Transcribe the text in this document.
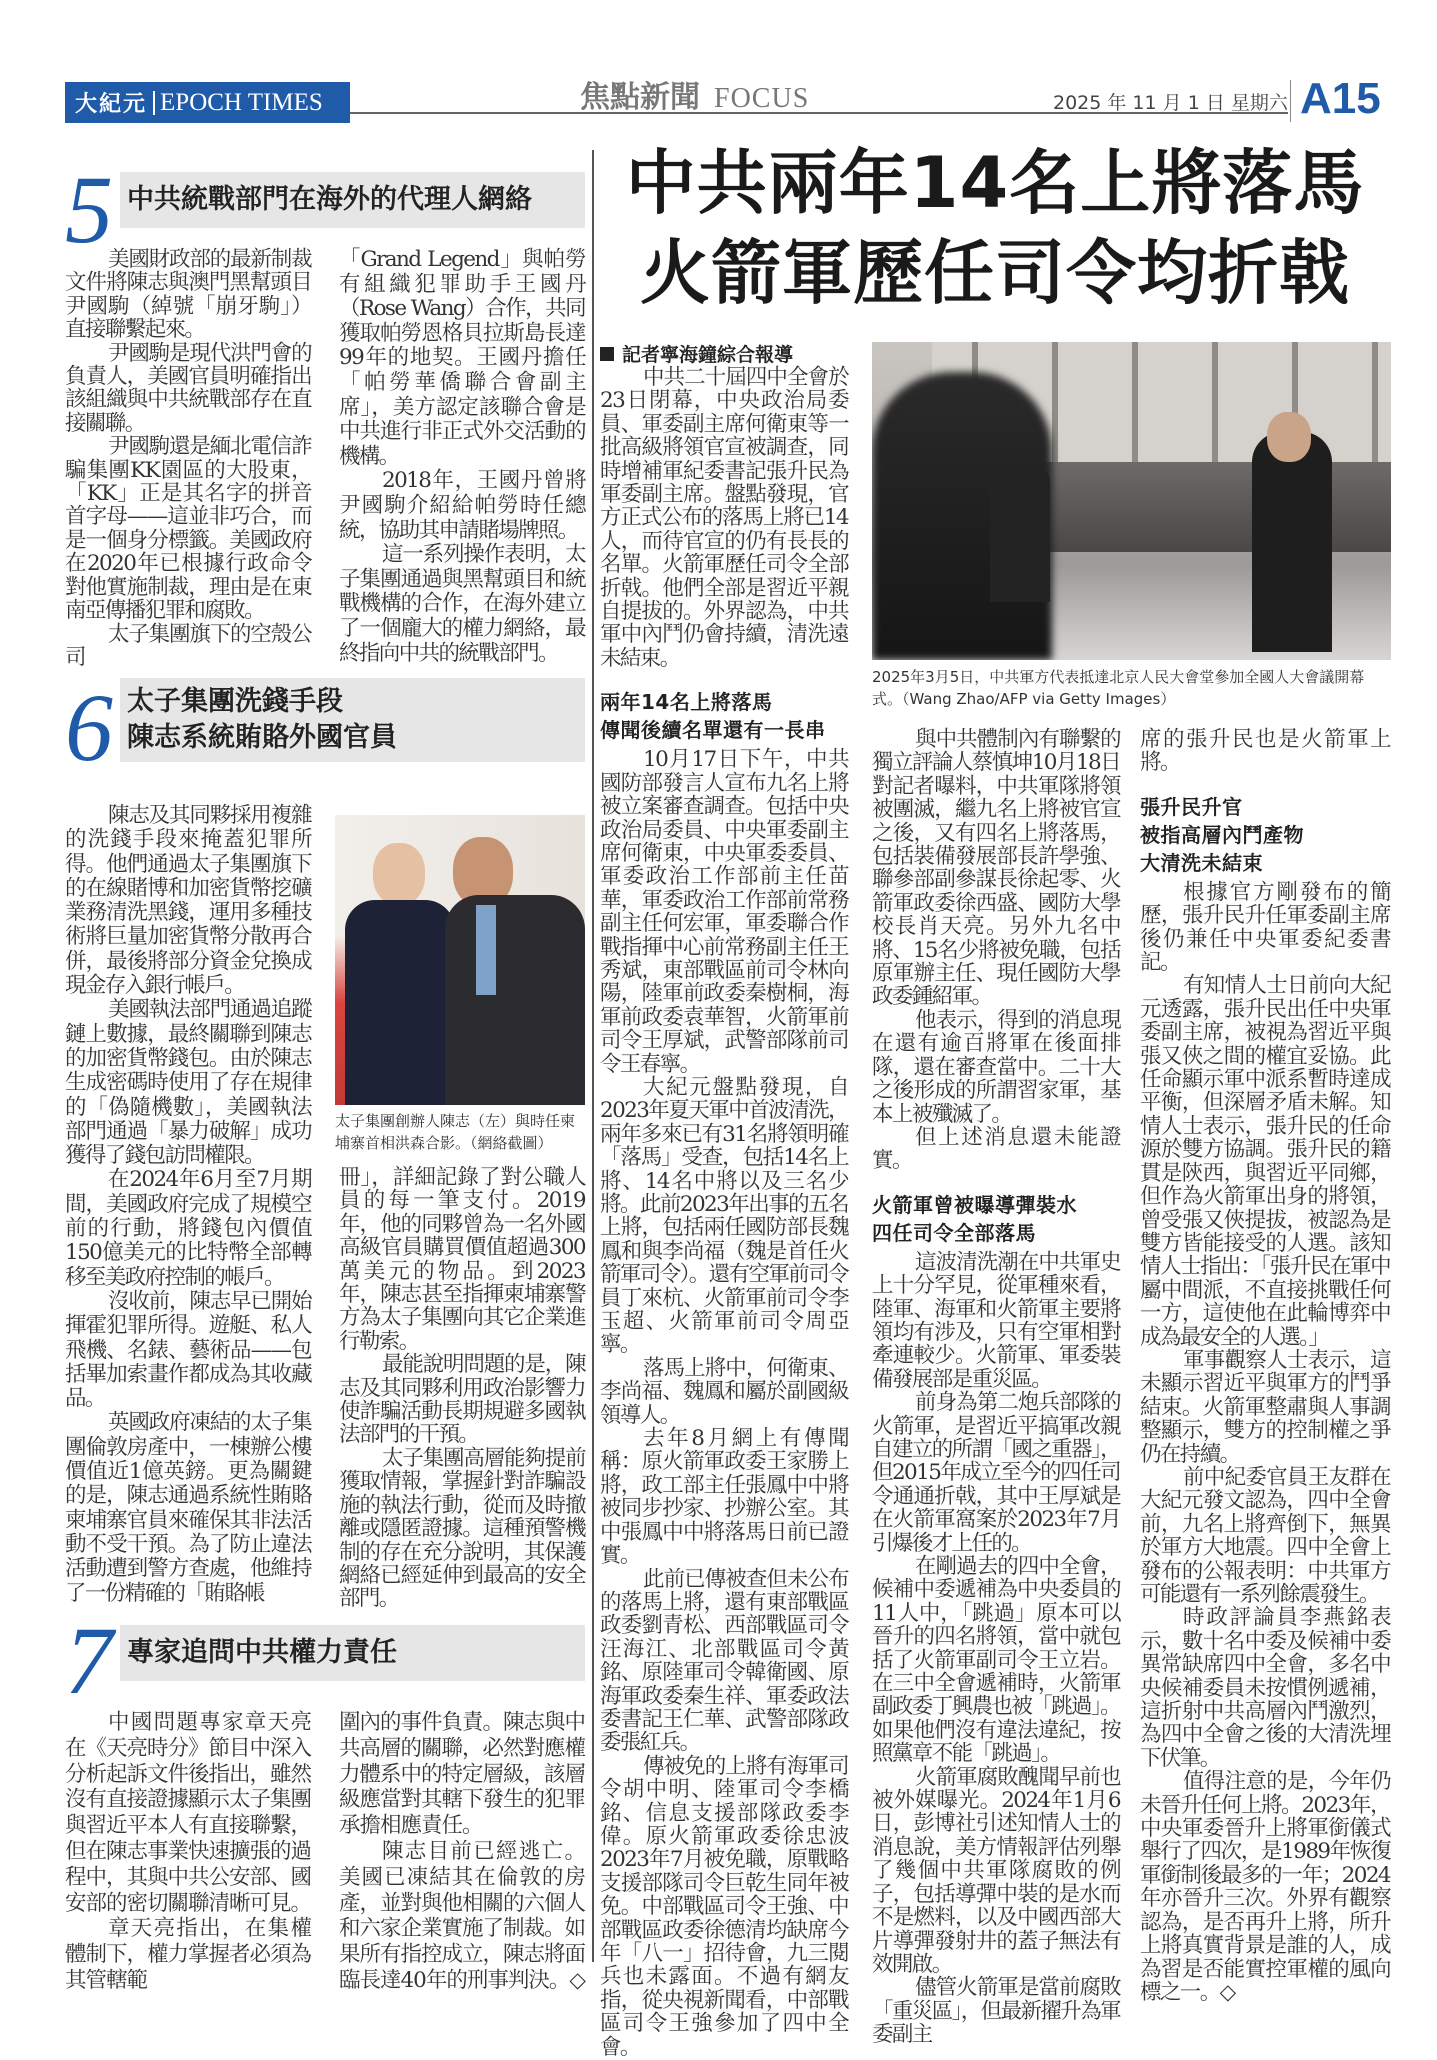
大紀元 EPOCH TIMES	焦點新聞 FOCUS	2025 年 11 月 1 日 星期六 A15
5 中共統戰部門在海外的代理人網絡

美國財政部的最新制裁文件將陳志與澳門黑幫頭目尹國駒（綽號「崩牙駒」）直接聯繫起來。

尹國駒是現代洪門會的負責人，美國官員明確指出該組織與中共統戰部存在直接關聯。

尹國駒還是緬北電信詐騙集團KK園區的大股東，「KK」正是其名字的拼音首字母——這並非巧合，而是一個身分標籤。美國政府在2020年已根據行政命令對他實施制裁，理由是在東南亞傳播犯罪和腐敗。

太子集團旗下的空殼公司

「Grand Legend」與帕勞有組織犯罪助手王國丹（Rose Wang）合作，共同獲取帕勞恩格貝拉斯島長達99年的地契。王國丹擔任「帕勞華僑聯合會副主席」，美方認定該聯合會是中共進行非正式外交活動的機構。

2018年，王國丹曾將尹國駒介紹給帕勞時任總統，協助其申請賭場牌照。

這一系列操作表明，太子集團通過與黑幫頭目和統戰機構的合作，在海外建立了一個龐大的權力網絡，最終指向中共的統戰部門。

6 太子集團洗錢手段
陳志系統賄賂外國官員

陳志及其同夥採用複雜的洗錢手段來掩蓋犯罪所得。他們通過太子集團旗下的在線賭博和加密貨幣挖礦業務清洗黑錢，運用多種技術將巨量加密貨幣分散再合併，最後將部分資金兌換成現金存入銀行帳戶。

美國執法部門通過追蹤鏈上數據，最終關聯到陳志的加密貨幣錢包。由於陳志生成密碼時使用了存在規律的「偽隨機數」，美國執法部門通過「暴力破解」成功獲得了錢包訪問權限。

在2024年6月至7月期間，美國政府完成了規模空前的行動，將錢包內價值150億美元的比特幣全部轉移至美政府控制的帳戶。

沒收前，陳志早已開始揮霍犯罪所得。遊艇、私人飛機、名錶、藝術品——包括畢加索畫作都成為其收藏品。

英國政府凍結的太子集團倫敦房產中，一棟辦公樓價值近1億英鎊。更為關鍵的是，陳志通過系統性賄賂柬埔寨官員來確保其非法活動不受干預。為了防止違法活動遭到警方查處，他維持了一份精確的「賄賂帳

太子集團創辦人陳志（左）與時任柬埔寨首相洪森合影。（網絡截圖）

冊」，詳細記錄了對公職人員的每一筆支付。2019年，他的同夥曾為一名外國高級官員購買價值超過300萬美元的物品。到2023年，陳志甚至指揮柬埔寨警方為太子集團向其它企業進行勒索。

最能說明問題的是，陳志及其同夥利用政治影響力使詐騙活動長期規避多國執法部門的干預。

太子集團高層能夠提前獲取情報，掌握針對詐騙設施的執法行動，從而及時撤離或隱匿證據。這種預警機制的存在充分說明，其保護網絡已經延伸到最高的安全部門。

7 專家追問中共權力責任

中國問題專家章天亮在《天亮時分》節目中深入分析起訴文件後指出，雖然沒有直接證據顯示太子集團與習近平本人有直接聯繫，但在陳志事業快速擴張的過程中，其與中共公安部、國安部的密切關聯清晰可見。

章天亮指出，在集權體制下，權力掌握者必須為其管轄範

圍內的事件負責。陳志與中共高層的關聯，必然對應權力體系中的特定層級，該層級應當對其轄下發生的犯罪承擔相應責任。

陳志目前已經逃亡。美國已凍結其在倫敦的房產，並對與他相關的六個人和六家企業實施了制裁。如果所有指控成立，陳志將面臨長達40年的刑事判決。◇

中共兩年14名上將落馬
火箭軍歷任司令均折戟
記者寧海鐘綜合報導

中共二十屆四中全會於23日閉幕，中央政治局委員、軍委副主席何衛東等一批高級將領官宣被調查，同時增補軍紀委書記張升民為軍委副主席。盤點發現，官方正式公布的落馬上將已14人，而待官宣的仍有長長的名單。火箭軍歷任司令全部折戟。他們全部是習近平親自提拔的。外界認為，中共軍中內鬥仍會持續，清洗遠未結束。

兩年14名上將落馬
傳聞後續名單還有一長串

10月17日下午，中共國防部發言人宣布九名上將被立案審查調查。包括中央政治局委員、中央軍委副主席何衛東，中央軍委委員、軍委政治工作部前主任苗華，軍委政治工作部前常務副主任何宏軍，軍委聯合作戰指揮中心前常務副主任王秀斌，東部戰區前司令林向陽，陸軍前政委秦樹桐，海軍前政委袁華智，火箭軍前司令王厚斌，武警部隊前司令王春寧。

大紀元盤點發現，自2023年夏天軍中首波清洗，兩年多來已有31名將領明確「落馬」受查，包括14名上將、14名中將以及三名少將。此前2023年出事的五名上將，包括兩任國防部長魏鳳和與李尚福（魏是首任火箭軍司令）。還有空軍前司令員丁來杭、火箭軍前司令李玉超、火箭軍前司令周亞寧。

落馬上將中，何衛東、李尚福、魏鳳和屬於副國級領導人。

去年8月網上有傳聞稱：原火箭軍政委王家勝上將，政工部主任張鳳中中將被同步抄家、抄辦公室。其中張鳳中中將落馬日前已證實。

此前已傳被查但未公布的落馬上將，還有東部戰區政委劉青松、西部戰區司令汪海江、北部戰區司令黃銘、原陸軍司令韓衛國、原海軍政委秦生祥、軍委政法委書記王仁華、武警部隊政委張紅兵。

傳被免的上將有海軍司令胡中明、陸軍司令李橋銘、信息支援部隊政委李偉。原火箭軍政委徐忠波2023年7月被免職，原戰略支援部隊司令巨乾生同年被免。中部戰區司令王強、中部戰區政委徐德清均缺席今年「八一」招待會，九三閱兵也未露面。不過有網友指，從央視新聞看，中部戰區司令王強參加了四中全會。

2025年3月5日，中共軍方代表抵達北京人民大會堂參加全國人大會議開幕式。（Wang Zhao/AFP via Getty Images）

與中共體制內有聯繫的獨立評論人蔡慎坤10月18日對記者曝料，中共軍隊將領被團滅，繼九名上將被官宣之後，又有四名上將落馬，包括裝備發展部長許學強、聯參部副參謀長徐起零、火箭軍政委徐西盛、國防大學校長肖天亮。另外九名中將、15名少將被免職，包括原軍辦主任、現任國防大學政委鍾紹軍。

他表示，得到的消息現在還有逾百將軍在後面排隊，還在審查當中。二十大之後形成的所謂習家軍，基本上被殲滅了。

但上述消息還未能證實。

火箭軍曾被曝導彈裝水
四任司令全部落馬

這波清洗潮在中共軍史上十分罕見，從軍種來看，陸軍、海軍和火箭軍主要將領均有涉及，只有空軍相對牽連較少。火箭軍、軍委裝備發展部是重災區。

前身為第二炮兵部隊的火箭軍，是習近平搞軍改親自建立的所謂「國之重器」，但2015年成立至今的四任司令通通折戟，其中王厚斌是在火箭軍窩案於2023年7月引爆後才上任的。

在剛過去的四中全會，候補中委遞補為中央委員的11人中，「跳過」原本可以晉升的四名將領，當中就包括了火箭軍副司令王立岩。在三中全會遞補時，火箭軍副政委丁興農也被「跳過」。如果他們沒有違法違紀，按照黨章不能「跳過」。

火箭軍腐敗醜聞早前也被外媒曝光。2024年1月6日，彭博社引述知情人士的消息說，美方情報評估列舉了幾個中共軍隊腐敗的例子，包括導彈中裝的是水而不是燃料，以及中國西部大片導彈發射井的蓋子無法有效開啟。

儘管火箭軍是當前腐敗「重災區」，但最新擢升為軍委副主

席的張升民也是火箭軍上將。

張升民升官
被指高層內鬥產物
大清洗未結束

根據官方剛發布的簡歷，張升民升任軍委副主席後仍兼任中央軍委紀委書記。

有知情人士日前向大紀元透露，張升民出任中央軍委副主席，被視為習近平與張又俠之間的權宜妥協。此任命顯示軍中派系暫時達成平衡，但深層矛盾未解。知情人士表示，張升民的任命源於雙方協調。張升民的籍貫是陝西，與習近平同鄉，但作為火箭軍出身的將領，曾受張又俠提拔，被認為是雙方皆能接受的人選。該知情人士指出：「張升民在軍中屬中間派，不直接挑戰任何一方，這使他在此輪博弈中成為最安全的人選。」

軍事觀察人士表示，這未顯示習近平與軍方的鬥爭結束。火箭軍整肅與人事調整顯示，雙方的控制權之爭仍在持續。

前中紀委官員王友群在大紀元發文認為，四中全會前，九名上將齊倒下，無異於軍方大地震。四中全會上發布的公報表明：中共軍方可能還有一系列餘震發生。

時政評論員李燕銘表示，數十名中委及候補中委異常缺席四中全會，多名中央候補委員未按慣例遞補，這折射中共高層內鬥激烈，為四中全會之後的大清洗埋下伏筆。

值得注意的是，今年仍未晉升任何上將。2023年，中央軍委晉升上將軍銜儀式舉行了四次，是1989年恢復軍銜制後最多的一年；2024年亦晉升三次。外界有觀察認為，是否再升上將，所升上將真實背景是誰的人，成為習是否能實控軍權的風向標之一。◇
